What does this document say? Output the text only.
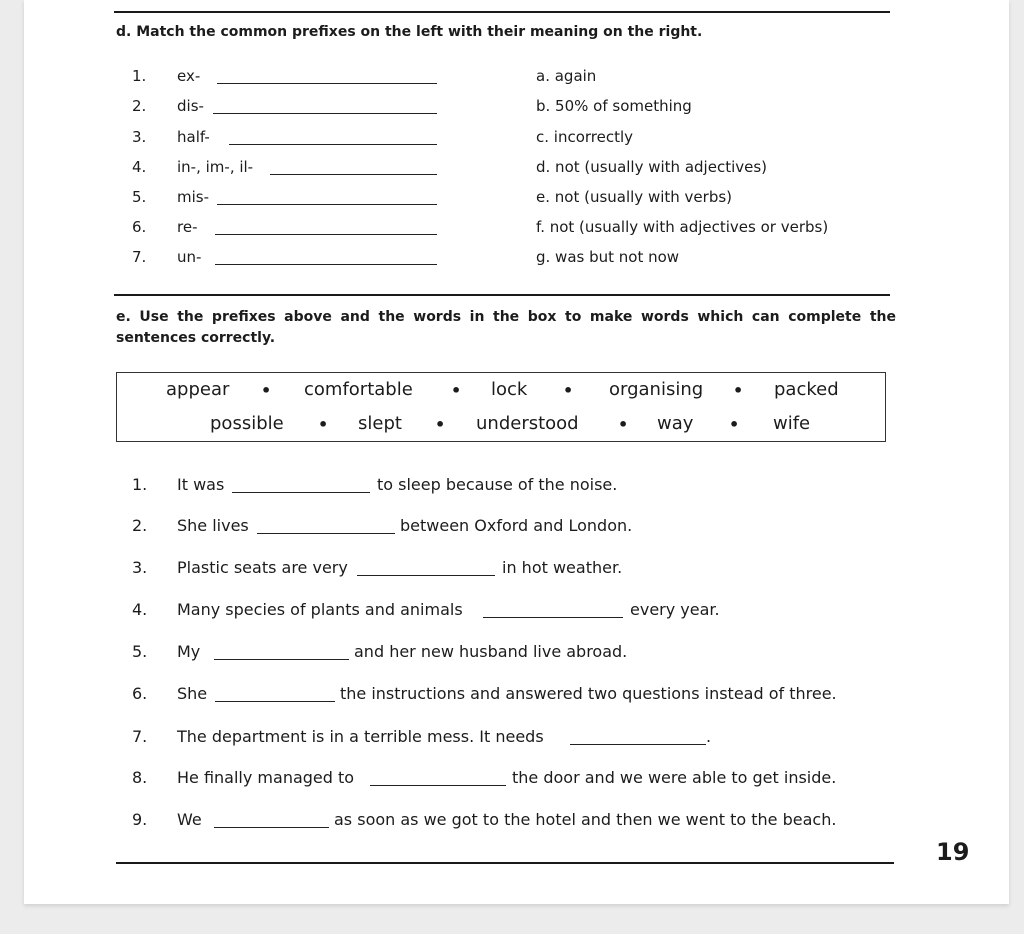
d. Match the common prefixes on the left with their meaning on the right.
1. ex-	a. again
2. dis-	b. 50% of something
3. half-	c. incorrectly
4. in-, im-, il-	d. not (usually with adjectives)
5. mis-	e. not (usually with verbs)
6. re-	f. not (usually with adjectives or verbs)
7. un-	g. was but not now
e. Use the prefixes above and the words in the box to make words which can complete the sentences correctly.
appear • comfortable • lock • organising • packed
possible • slept • understood • way • wife
1. It was	to sleep because of the noise.
2. She lives	between Oxford and London.
3. Plastic seats are very	in hot weather.
4. Many species of plants and animals	every year.
5. My	and her new husband live abroad.
6. She	the instructions and answered two questions instead of three.
7. The department is in a terrible mess. It needs	.
8. He finally managed to	the door and we were able to get inside.
9. We	as soon as we got to the hotel and then we went to the beach.
19
